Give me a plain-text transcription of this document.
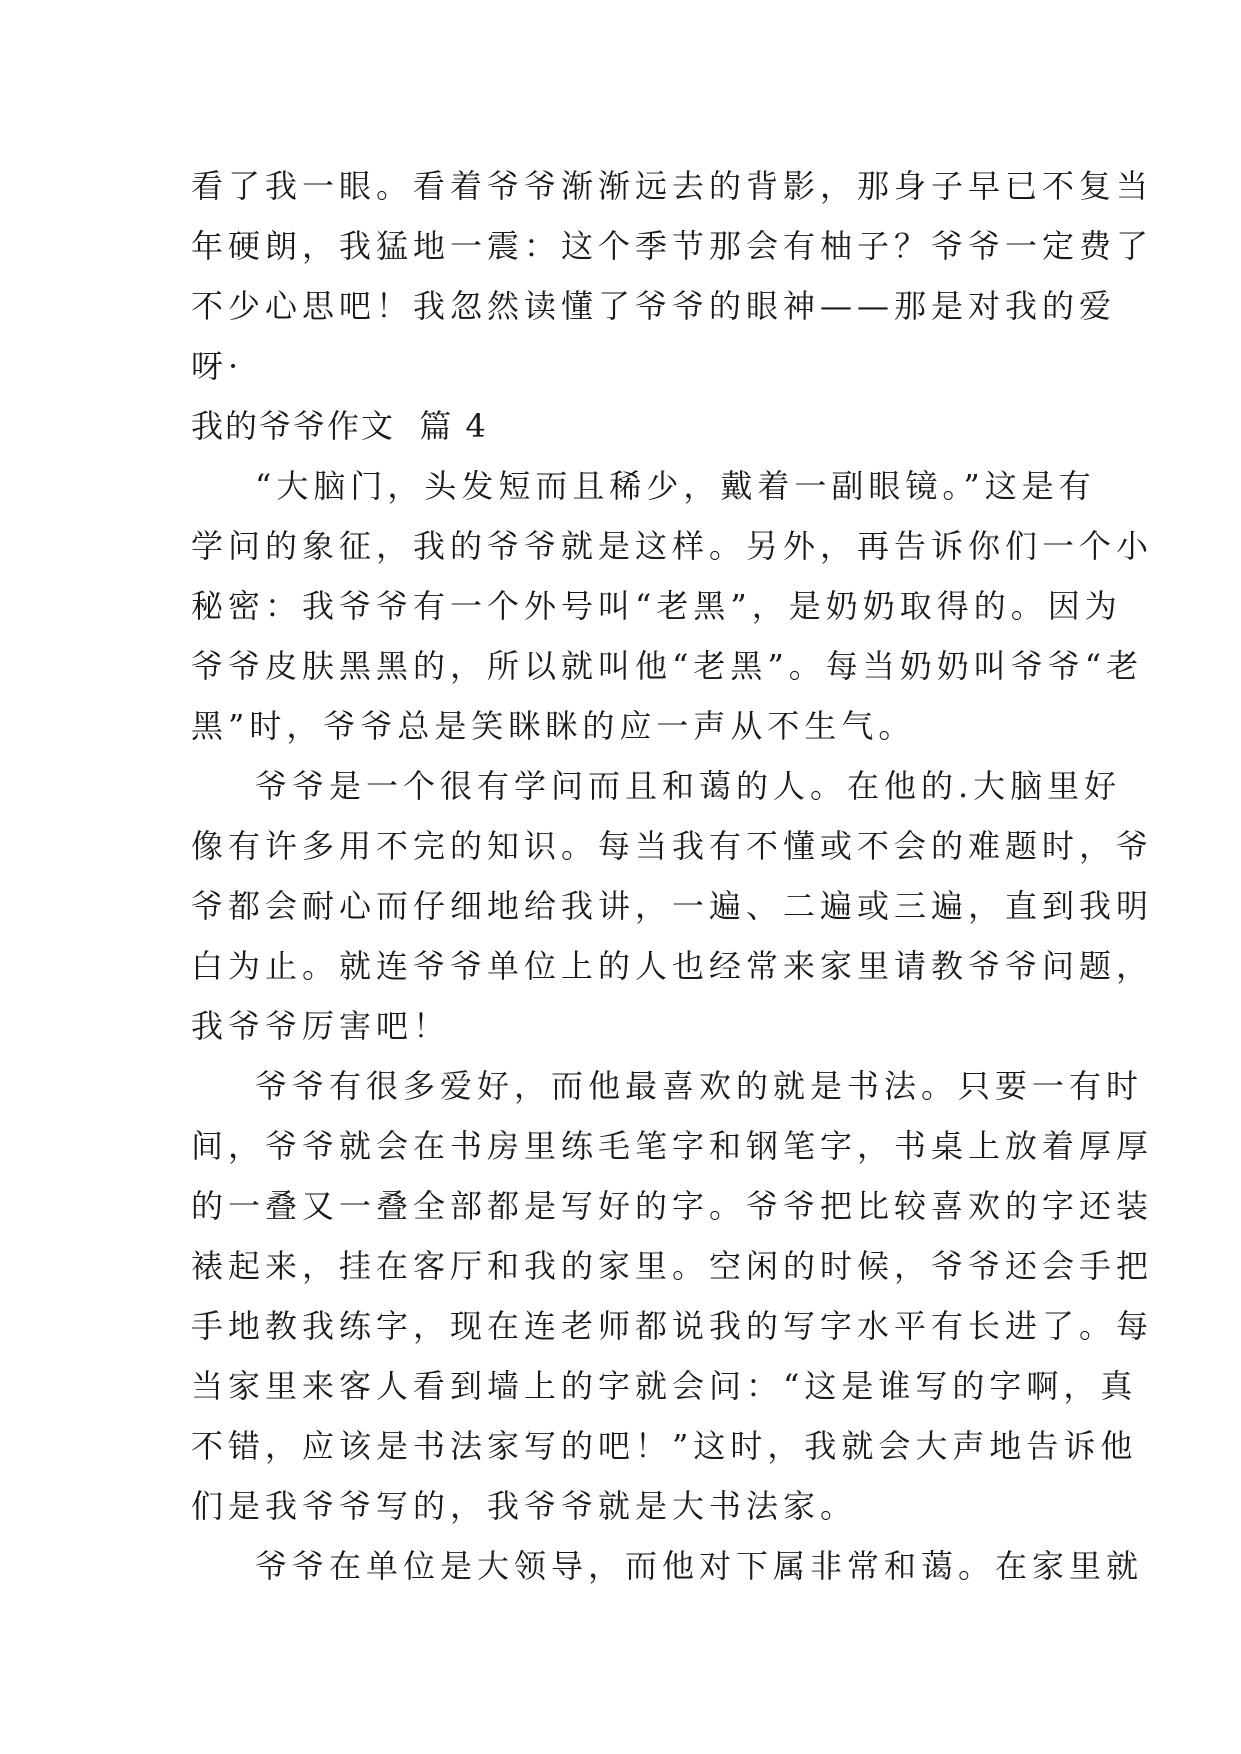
看了我一眼。看着爷爷渐渐远去的背影，那身子早已不复当
年硬朗，我猛地一震：这个季节那会有柚子？爷爷一定费了
不少心思吧！我忽然读懂了爷爷的眼神——那是对我的爱
呀·
我的爷爷作文  篇 4
“大脑门，头发短而且稀少，戴着一副眼镜。”这是有
学问的象征，我的爷爷就是这样。另外，再告诉你们一个小
秘密：我爷爷有一个外号叫“老黑”，是奶奶取得的。因为
爷爷皮肤黑黑的，所以就叫他“老黑”。每当奶奶叫爷爷“老
黑”时，爷爷总是笑眯眯的应一声从不生气。
爷爷是一个很有学问而且和蔼的人。在他的.大脑里好
像有许多用不完的知识。每当我有不懂或不会的难题时，爷
爷都会耐心而仔细地给我讲，一遍、二遍或三遍，直到我明
白为止。就连爷爷单位上的人也经常来家里请教爷爷问题，
我爷爷厉害吧！
爷爷有很多爱好，而他最喜欢的就是书法。只要一有时
间，爷爷就会在书房里练毛笔字和钢笔字，书桌上放着厚厚
的一叠又一叠全部都是写好的字。爷爷把比较喜欢的字还装
裱起来，挂在客厅和我的家里。空闲的时候，爷爷还会手把
手地教我练字，现在连老师都说我的写字水平有长进了。每
当家里来客人看到墙上的字就会问：“这是谁写的字啊，真
不错，应该是书法家写的吧！”这时，我就会大声地告诉他
们是我爷爷写的，我爷爷就是大书法家。
爷爷在单位是大领导，而他对下属非常和蔼。在家里就
